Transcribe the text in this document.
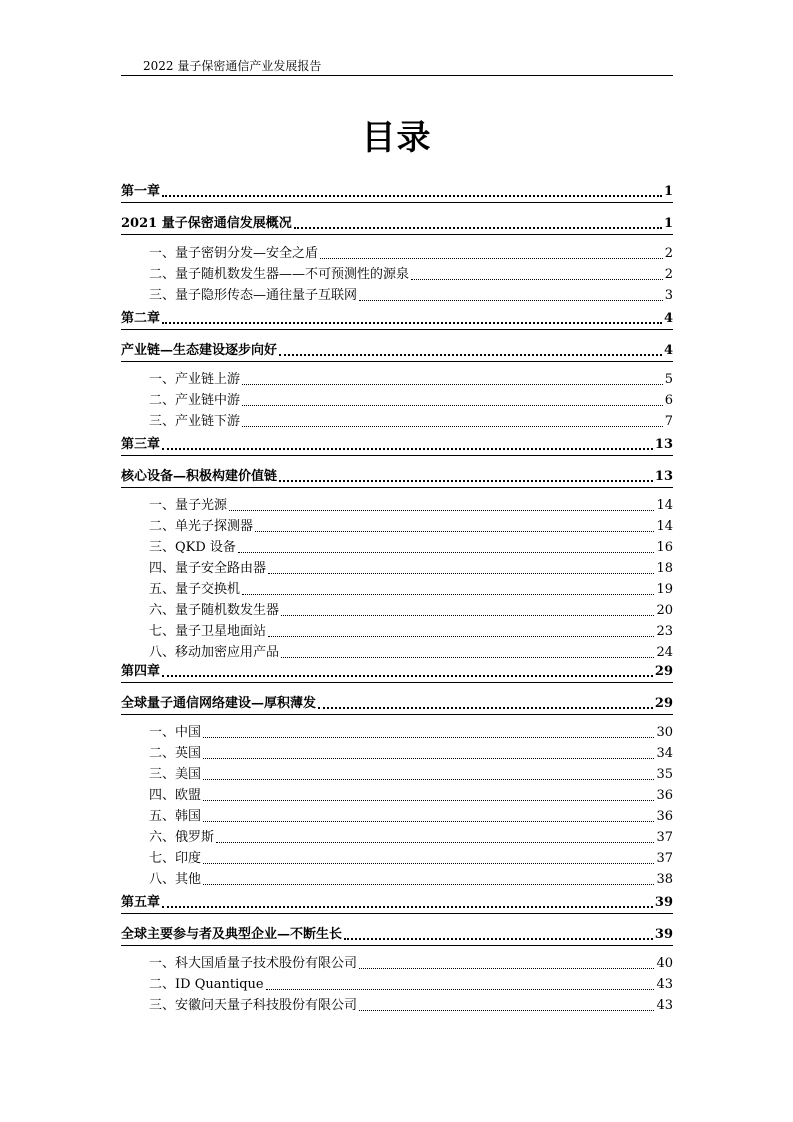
2022 量子保密通信产业发展报告
目录
第一章	1
2021 量子保密通信发展概况	1
一、量子密钥分发—安全之盾	2
二、量子随机数发生器——不可预测性的源泉	2
三、量子隐形传态—通往量子互联网	3
第二章	4
产业链—生态建设逐步向好	4
一、产业链上游	5
二、产业链中游	6
三、产业链下游	7
第三章	13
核心设备—积极构建价值链	13
一、量子光源	14
二、单光子探测器	14
三、QKD 设备	16
四、量子安全路由器	18
五、量子交换机	19
六、量子随机数发生器	20
七、量子卫星地面站	23
八、移动加密应用产品	24
第四章	29
全球量子通信网络建设—厚积薄发	29
一、中国	30
二、英国	34
三、美国	35
四、欧盟	36
五、韩国	36
六、俄罗斯	37
七、印度	37
八、其他	38
第五章	39
全球主要参与者及典型企业—不断生长	39
一、科大国盾量子技术股份有限公司	40
二、ID Quantique	43
三、安徽问天量子科技股份有限公司	43
